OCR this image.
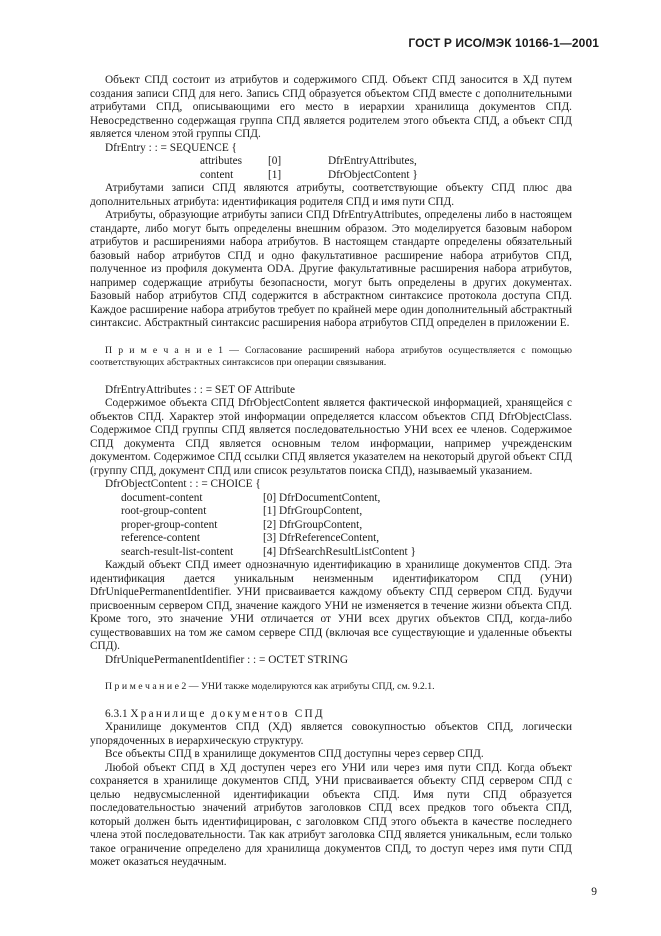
ГОСТ Р ИСО/МЭК 10166-1—2001

Объект СПД состоит из атрибутов и содержимого СПД. Объект СПД заносится в ХД путем создания записи СПД для него. Запись СПД образуется объектом СПД вместе с дополнительными атрибутами СПД, описывающими его место в иерархии хранилища документов СПД. Невосредственно содержащая группа СПД является родителем этого объекта СПД, а объект СПД является членом этой группы СПД.

DfrEntry : : = SEQUENCE {
attributes	[0]	DfrEntryAttributes,
content	[1]	DfrObjectContent }

Атрибутами записи СПД являются атрибуты, соответствующие объекту СПД плюс два дополнительных атрибута: идентификация родителя СПД и имя пути СПД.

Атрибуты, образующие атрибуты записи СПД DfrEntryAttributes, определены либо в настоящем стандарте, либо могут быть определены внешним образом. Это моделируется базовым набором атрибутов и расширениями набора атрибутов. В настоящем стандарте определены обязательный базовый набор атрибутов СПД и одно факультативное расширение набора атрибутов СПД, полученное из профиля документа ODA. Другие факультативные расширения набора атрибутов, например содержащие атрибуты безопасности, могут быть определены в других документах. Базовый набор атрибутов СПД содержится в абстрактном синтаксисе протокола доступа СПД. Каждое расширение набора атрибутов требует по крайней мере один дополнительный абстрактный синтаксис. Абстрактный синтаксис расширения набора атрибутов СПД определен в приложении Е.

П р и м е ч а н и е 1 — Согласование расширений набора атрибутов осуществляется с помощью соответствующих абстрактных синтаксисов при операции связывания.
DfrEntryAttributes : : = SET OF Attribute

Содержимое объекта СПД DfrObjectContent является фактической информацией, хранящейся с объектов СПД. Характер этой информации определяется классом объектов СПД DfrObjectClass. Содержимое СПД группы СПД является последовательностью УНИ всех ее членов. Содержимое СПД документа СПД является основным телом информации, например учрежденским документом. Содержимое СПД ссылки СПД является указателем на некоторый другой объект СПД (группу СПД, документ СПД или список результатов поиска СПД), называемый указанием.

DfrObjectContent : : = CHOICE {
document-content	[0] DfrDocumentContent,
root-group-content	[1] DfrGroupContent,
proper-group-content	[2] DfrGroupContent,
reference-content	[3] DfrReferenceContent,
search-result-list-content	[4] DfrSearchResultListContent }

Каждый объект СПД имеет однозначную идентификацию в хранилище документов СПД. Эта идентификация дается уникальным неизменным идентификатором СПД (УНИ) DfrUniquePermanentIdentifier. УНИ присваивается каждому объекту СПД сервером СПД. Будучи присвоенным сервером СПД, значение каждого УНИ не изменяется в течение жизни объекта СПД. Кроме того, это значение УНИ отличается от УНИ всех других объектов СПД, когда-либо существовавших на том же самом сервере СПД (включая все существующие и удаленные объекты СПД).

DfrUniquePermanentIdentifier : : = OCTET STRING
П р и м е ч а н и е 2 — УНИ также моделируются как атрибуты СПД, см. 9.2.1.
6.3.1 Хранилище документов СПД

Хранилище документов СПД (ХД) является совокупностью объектов СПД, логически упорядоченных в иерархическую структуру.

Все объекты СПД в хранилище документов СПД доступны через сервер СПД.

Любой объект СПД в ХД доступен через его УНИ или через имя пути СПД. Когда объект сохраняется в хранилище документов СПД, УНИ присваивается объекту СПД сервером СПД с целью недвусмысленной идентификации объекта СПД. Имя пути СПД образуется последовательностью значений атрибутов заголовков СПД всех предков того объекта СПД, который должен быть идентифицирован, с заголовком СПД этого объекта в качестве последнего члена этой последовательности. Так как атрибут заголовка СПД является уникальным, если только такое ограничение определено для хранилища документов СПД, то доступ через имя пути СПД может оказаться неудачным.

9
